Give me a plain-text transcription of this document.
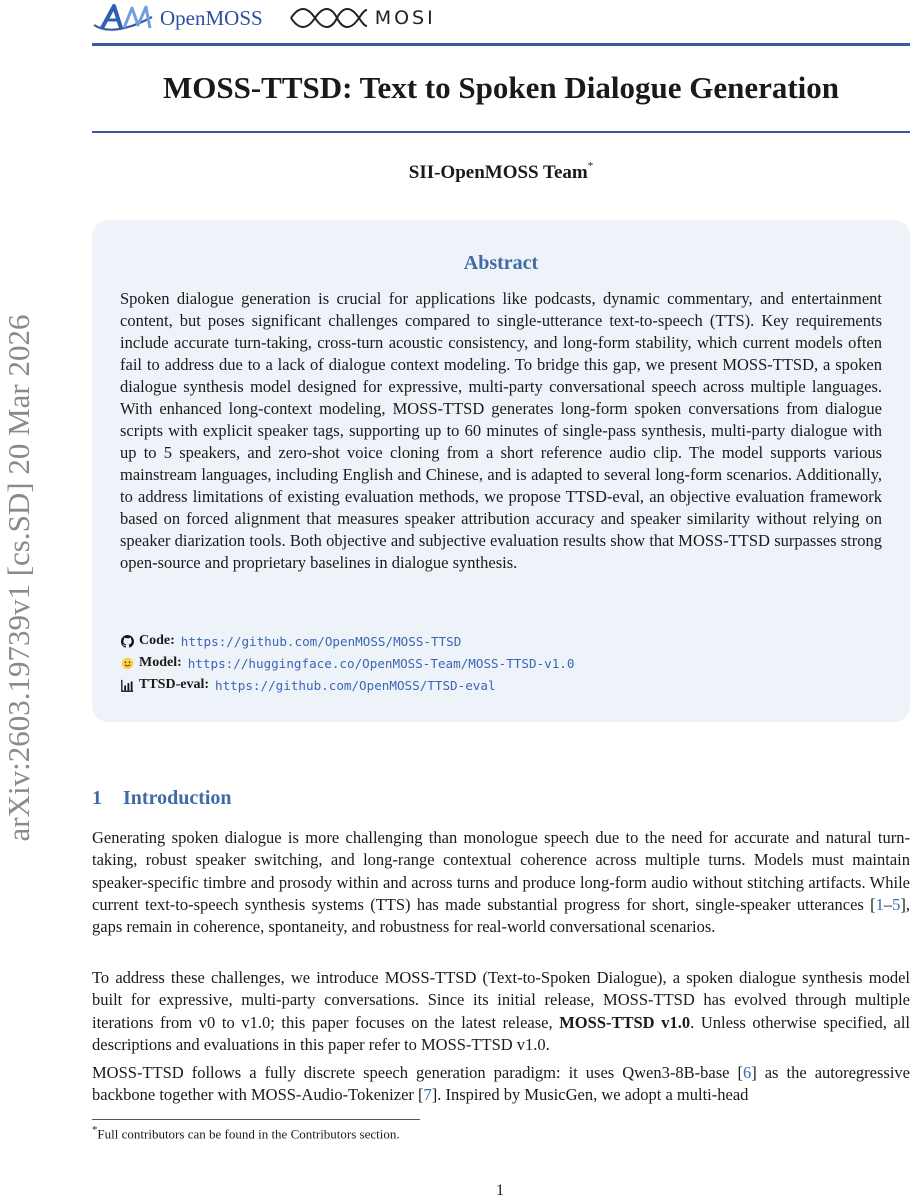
OpenMOSS	MOSI
arXiv:2603.19739v1 [cs.SD] 20 Mar 2026
MOSS-TTSD: Text to Spoken Dialogue Generation
SII-OpenMOSS Team*
Abstract

Spoken dialogue generation is crucial for applications like podcasts, dynamic commentary, and entertainment content, but poses significant challenges compared to single-utterance text-to-speech (TTS). Key requirements include accurate turn-taking, cross-turn acoustic consistency, and long-form stability, which current models often fail to address due to a lack of dialogue context modeling. To bridge this gap, we present MOSS-TTSD, a spoken dialogue synthesis model designed for expressive, multi-party conversational speech across multiple languages. With enhanced long-context modeling, MOSS-TTSD generates long-form spoken conversations from dialogue scripts with explicit speaker tags, supporting up to 60 minutes of single-pass synthesis, multi-party dialogue with up to 5 speakers, and zero-shot voice cloning from a short reference audio clip. The model supports various mainstream languages, including English and Chinese, and is adapted to several long-form scenarios. Additionally, to address limitations of existing evaluation methods, we propose TTSD-eval, an objective evaluation framework based on forced alignment that measures speaker attribution accuracy and speaker similarity without relying on speaker diarization tools. Both objective and subjective evaluation results show that MOSS-TTSD surpasses strong open-source and proprietary baselines in dialogue synthesis.

Code: https://github.com/OpenMOSS/MOSS-TTSD
Model: https://huggingface.co/OpenMOSS-Team/MOSS-TTSD-v1.0
TTSD-eval: https://github.com/OpenMOSS/TTSD-eval
1 Introduction

Generating spoken dialogue is more challenging than monologue speech due to the need for accurate and natural turn-taking, robust speaker switching, and long-range contextual coherence across multiple turns. Models must maintain speaker-specific timbre and prosody within and across turns and produce long-form audio without stitching artifacts. While current text-to-speech synthesis systems (TTS) has made substantial progress for short, single-speaker utterances [1–5], gaps remain in coherence, spontaneity, and robustness for real-world conversational scenarios.

To address these challenges, we introduce MOSS-TTSD (Text-to-Spoken Dialogue), a spoken dialogue synthesis model built for expressive, multi-party conversations. Since its initial release, MOSS-TTSD has evolved through multiple iterations from v0 to v1.0; this paper focuses on the latest release, MOSS-TTSD v1.0. Unless otherwise specified, all descriptions and evaluations in this paper refer to MOSS-TTSD v1.0.

MOSS-TTSD follows a fully discrete speech generation paradigm: it uses Qwen3-8B-base [6] as the autoregressive backbone together with MOSS-Audio-Tokenizer [7]. Inspired by MusicGen, we adopt a multi-head

*Full contributors can be found in the Contributors section.
1
